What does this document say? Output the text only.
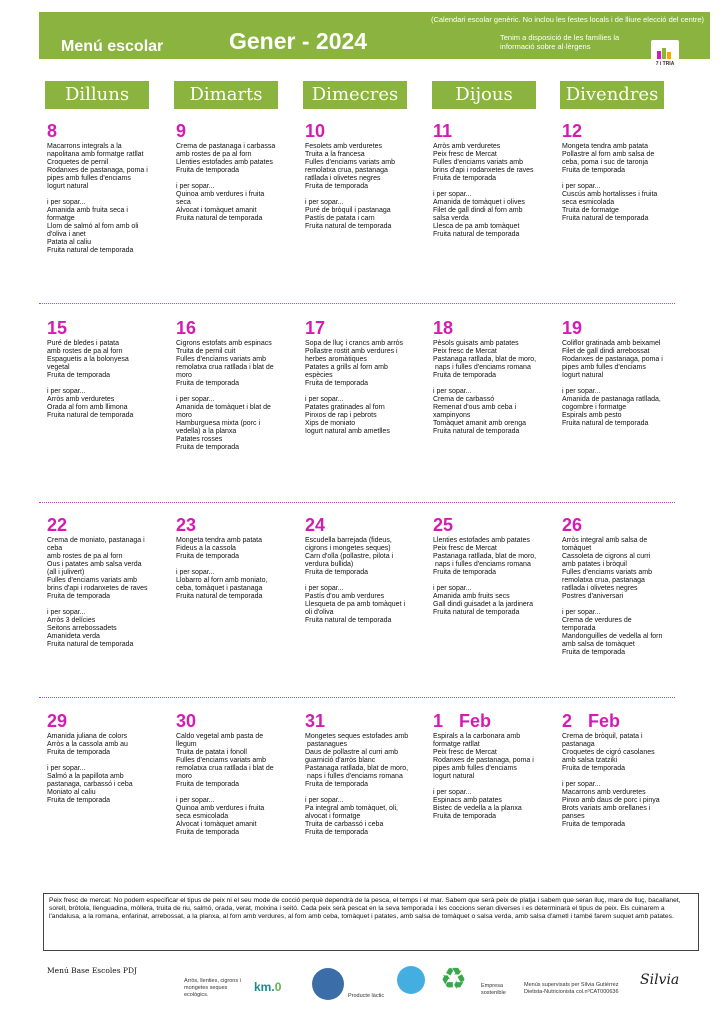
(Calendari escolar genèric. No inclou les festes locals i de lliure elecció del centre)
Menú escolar	Gener - 2024	Tenim a disposició de les famílies la informació sobre al·lèrgens
7 i TRIA
Dilluns	Dimarts	Dimecres	Dijous	Divendres
8
Macarrons integrals a la
napolitana amb formatge ratllat
Croquetes de pernil
Rodanxes de pastanaga, poma i
pipes amb fulles d'enciams
Iogurt natural
i per sopar...
Amanida amb fruita seca i
formatge
Llom de salmó al forn amb oli
d'oliva i anet
Patata al caliu
Fruita natural de temporada
9
Crema de pastanaga i carbassa
amb rostes de pa al forn
Llenties estofades amb patates
Fruita de temporada
i per sopar...
Quinoa amb verdures i fruita
seca
Alvocat i tomàquet amanit
Fruita natural de temporada
10
Fesolets amb verduretes
Truita a la francesa
Fulles d'enciams variats amb
remolatxa crua, pastanaga
ratllada i olivetes negres
Fruita de temporada
i per sopar...
Puré de bròquil i pastanaga
Pastís de patata i carn
Fruita natural de temporada
11
Arròs amb verduretes
Peix fresc de Mercat
Fulles d'enciams variats amb
brins d'api i rodanxetes de raves
Fruita de temporada
i per sopar...
Amanida de tomàquet i olives
Filet de gall dindi al forn amb
salsa verda
Llesca de pa amb tomàquet
Fruita natural de temporada
12
Mongeta tendra amb patata
Pollastre al forn amb salsa de
ceba, poma i suc de taronja
Fruita de temporada
i per sopar...
Cuscús amb hortalisses i fruita
seca esmicolada
Truita de formatge
Fruita natural de temporada
15
Puré de bledes i patata
amb rostes de pa al forn
Espaguetis a la bolonyesa
vegetal
Fruita de temporada
i per sopar...
Arròs amb verduretes
Orada al forn amb llimona
Fruita natural de temporada
16
Cigrons estofats amb espinacs
Truita de pernil cuit
Fulles d'enciams variats amb
remolatxa crua ratllada i blat de
moro
Fruita de temporada
i per sopar...
Amanida de tomàquet i blat de
moro
Hamburguesa mixta (porc i
vedella) a la planxa
Patates rosses
Fruita de temporada
17
Sopa de lluç i crancs amb arròs
Pollastre rostit amb verdures i
herbes aromàtiques
Patates a grills al forn amb
espècies
Fruita de temporada
i per sopar...
Patates gratinades al forn
Pinxos de rap i pebrots
Xips de moniato
Iogurt natural amb ametlles
18
Pèsols guisats amb patates
Peix fresc de Mercat
Pastanaga ratllada, blat de moro,
naps i fulles d'enciams romana
Fruita de temporada
i per sopar...
Crema de carbassó
Remenat d'ous amb ceba i
xampinyons
Tomàquet amanit amb orenga
Fruita natural de temporada
19
Coliflor gratinada amb beixamel
Filet de gall dindi arrebossat
Rodanxes de pastanaga, poma i
pipes amb fulles d'enciams
Iogurt natural
i per sopar...
Amanida de pastanaga ratllada,
cogombre i formatge
Espirals amb pesto
Fruita natural de temporada
22
Crema de moniato, pastanaga i
ceba
amb rostes de pa al forn
Ous i patates amb salsa verda
(all i julivert)
Fulles d'enciams variats amb
brins d'api i rodanxetes de raves
Fruita de temporada
i per sopar...
Arròs 3 delícies
Seitons arrebossadets
Amanideta verda
Fruita natural de temporada
23
Mongeta tendra amb patata
Fideus a la cassola
Fruita de temporada
i per sopar...
Llobarro al forn amb moniato,
ceba, tomàquet i pastanaga
Fruita natural de temporada
24
Escudella barrejada (fideus,
cigrons i mongetes seques)
Carn d'olla (pollastre, pilota i
verdura bullida)
Fruita de temporada
i per sopar...
Pastís d'ou amb verdures
Llesqueta de pa amb tomàquet i
oli d'oliva
Fruita natural de temporada
25
Llenties estofades amb patates
Peix fresc de Mercat
Pastanaga ratllada, blat de moro,
naps i fulles d'enciams romana
Fruita de temporada
i per sopar...
Amanida amb fruits secs
Gall dindi guisadet a la jardinera
Fruita natural de temporada
26
Arròs integral amb salsa de
tomàquet
Cassoleta de cigrons al curri
amb patates i bròquil
Fulles d'enciams variats amb
remolatxa crua, pastanaga
ratllada i olivetes negres
Postres d'aniversari
i per sopar...
Crema de verdures de
temporada
Mandonguilles de vedella al forn
amb salsa de tomàquet
Fruita de temporada
29
Amanida juliana de colors
Arròs a la cassola amb au
Fruita de temporada
i per sopar...
Salmó a la papillota amb
pastanaga, carbassó i ceba
Moniato al caliu
Fruita de temporada
30
Caldo vegetal amb pasta de
llegum
Truita de patata i fonoll
Fulles d'enciams variats amb
remolatxa crua ratllada i blat de
moro
Fruita de temporada
i per sopar...
Quinoa amb verdures i fruita
seca esmicolada
Alvocat i tomàquet amanit
Fruita de temporada
31
Mongetes seques estofades amb
pastanagues
Daus de pollastre al curri amb
guarnició d'arròs blanc
Pastanaga ratllada, blat de moro,
naps i fulles d'enciams romana
Fruita de temporada
i per sopar...
Pa integral amb tomàquet, oli,
alvocat i formatge
Truita de carbassó i ceba
Fruita de temporada
1 Feb
Espirals a la carbonara amb
formatge ratllat
Peix fresc de Mercat
Rodanxes de pastanaga, poma i
pipes amb fulles d'enciams
Iogurt natural
i per sopar...
Espinacs amb patates
Bistec de vedella a la planxa
Fruita de temporada
2 Feb
Crema de bròquil, patata i
pastanaga
Croquetes de cigró casolanes
amb salsa tzatziki
Fruita de temporada
i per sopar...
Macarrons amb verduretes
Pinxo amb daus de porc i pinya
Brots variats amb orellanes i
panses
Fruita de temporada
Peix fresc de mercat: No podem especificar el tipus de peix ni el seu mode de cocció perquè dependrà de la pesca, el temps i el mar. Sabem que serà peix de platja i sabem que seran lluç, mare de lluç, bacallanet, sorell, bròtola, llenguadina, mòllera, truita de riu, salmó, orada, verat, moixina i seitó. Cada peix serà pescat en la seva temporada i les coccions seran diverses i es determinarà el tipus de peix. Els cuinarem a l'andalusa, a la romana, enfarinat, arrebossat, a la planxa, al forn amb verdures, al forn amb ceba, tomàquet i patates, amb salsa de tomàquet o salsa verda, amb salsa d'ametl i també farem suquet amb patates.
Menú Base Escoles PDJ
Arròs, llenties, cigrons i mongetes seques ecològics.
km.0
Producte làctic ♻	Empresa sostenible
Menús supervisats per Sílvia Gutiérrez Dietista-Nutricionista col.nºCAT000636
Silvia
